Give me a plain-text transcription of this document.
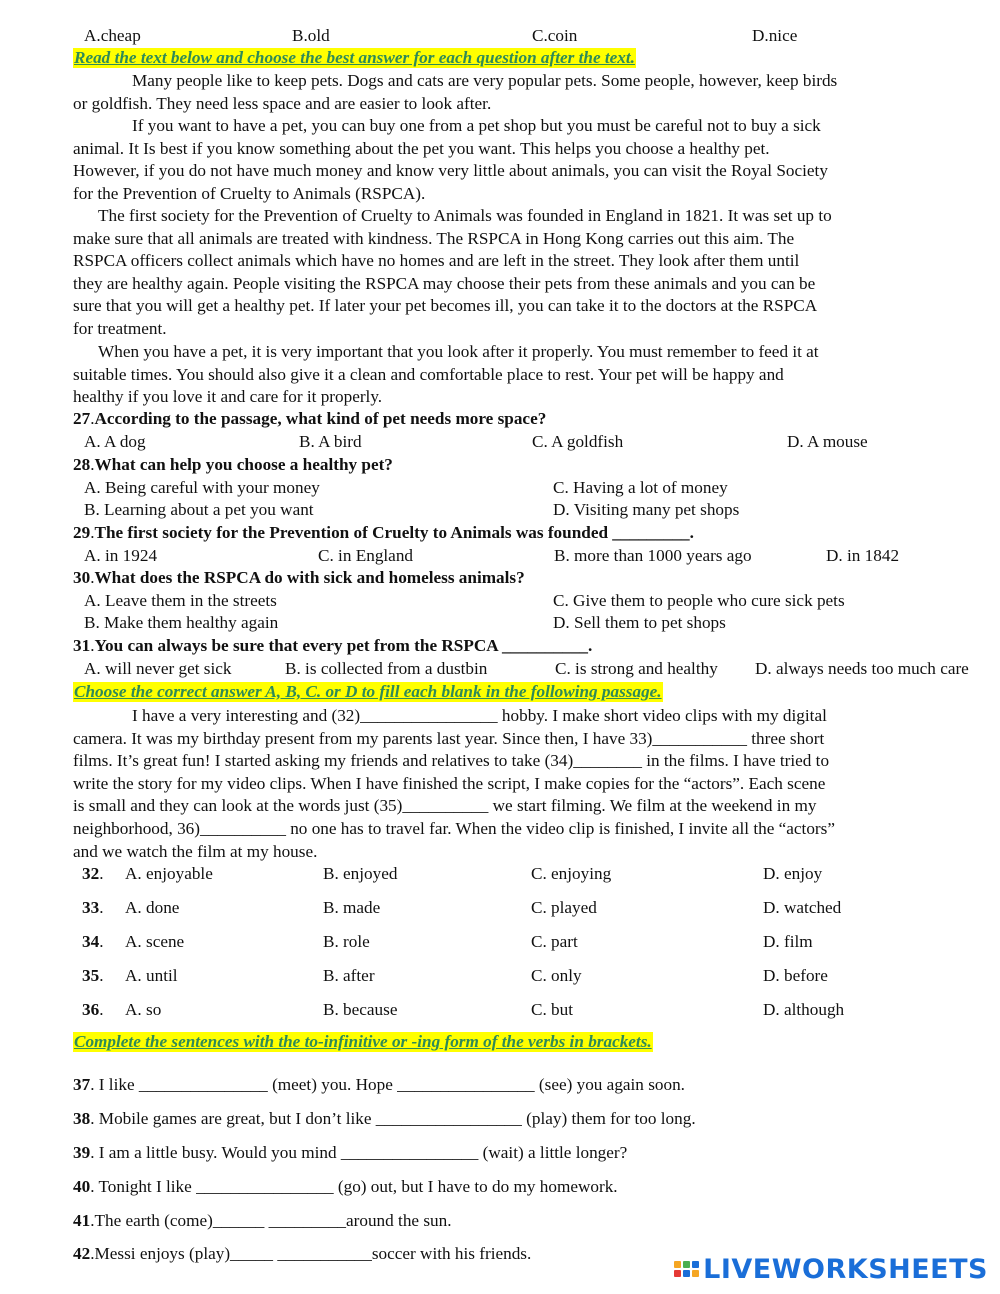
A.cheap	B.old	C.coin	D.nice
Read the text below and choose the best answer for each question after the text.
Many people like to keep pets. Dogs and cats are very popular pets. Some people, however, keep birds
or goldfish. They need less space and are easier to look after.
If you want to have a pet, you can buy one from a pet shop but you must be careful not to buy a sick
animal. It Is best if you know something about the pet you want. This helps you choose a healthy pet.
However, if you do not have much money and know very little about animals, you can visit the Royal Society
for the Prevention of Cruelty to Animals (RSPCA).
The first society for the Prevention of Cruelty to Animals was founded in England in 1821. It was set up to
make sure that all animals are treated with kindness. The RSPCA in Hong Kong carries out this aim. The
RSPCA officers collect animals which have no homes and are left in the street. They look after them until
they are healthy again. People visiting the RSPCA may choose their pets from these animals and you can be
sure that you will get a healthy pet. If later your pet becomes ill, you can take it to the doctors at the RSPCA
for treatment.
When you have a pet, it is very important that you look after it properly. You must remember to feed it at
suitable times. You should also give it a clean and comfortable place to rest. Your pet will be happy and
healthy if you love it and care for it properly.
27.According to the passage, what kind of pet needs more space?
A. A dog	B. A bird	C. A goldfish	D. A mouse
28.What can help you choose a healthy pet?
A. Being careful with your money	C. Having a lot of money
B. Learning about a pet you want	D. Visiting many pet shops
29.The first society for the Prevention of Cruelty to Animals was founded _________.
A. in 1924	C. in England	B. more than 1000 years ago	D. in 1842
30.What does the RSPCA do with sick and homeless animals?
A. Leave them in the streets	C. Give them to people who cure sick pets
B. Make them healthy again	D. Sell them to pet shops
31.You can always be sure that every pet from the RSPCA __________.
A. will never get sick	B. is collected from a dustbin	C. is strong and healthy D. always needs too much care
Choose the correct answer A, B, C. or D to fill each blank in the following passage.
I have a very interesting and (32)________________ hobby. I make short video clips with my digital
camera. It was my birthday present from my parents last year. Since then, I have 33)___________ three short
films. It’s great fun! I started asking my friends and relatives to take (34)________ in the films. I have tried to
write the story for my video clips. When I have finished the script, I make copies for the “actors”. Each scene
is small and they can look at the words just (35)__________ we start filming. We film at the weekend in my
neighborhood, 36)__________ no one has to travel far. When the video clip is finished, I invite all the “actors”
and we watch the film at my house.
32. A. enjoyable	B. enjoyed	C. enjoying	D. enjoy
33. A. done	B. made	C. played	D. watched
34. A. scene	B. role	C. part	D. film
35. A. until	B. after	C. only	D. before
36. A. so	B. because	C. but	D. although
Complete the sentences with the to-infinitive or -ing form of the verbs in brackets.
37. I like _______________ (meet) you. Hope ________________ (see) you again soon.
38. Mobile games are great, but I don’t like _________________ (play) them for too long.
39. I am a little busy. Would you mind ________________ (wait) a little longer?
40. Tonight I like ________________ (go) out, but I have to do my homework.
41.The earth (come)______ _________around the sun.
42.Messi enjoys (play)_____ ___________soccer with his friends.
LIVEWORKSHEETS
